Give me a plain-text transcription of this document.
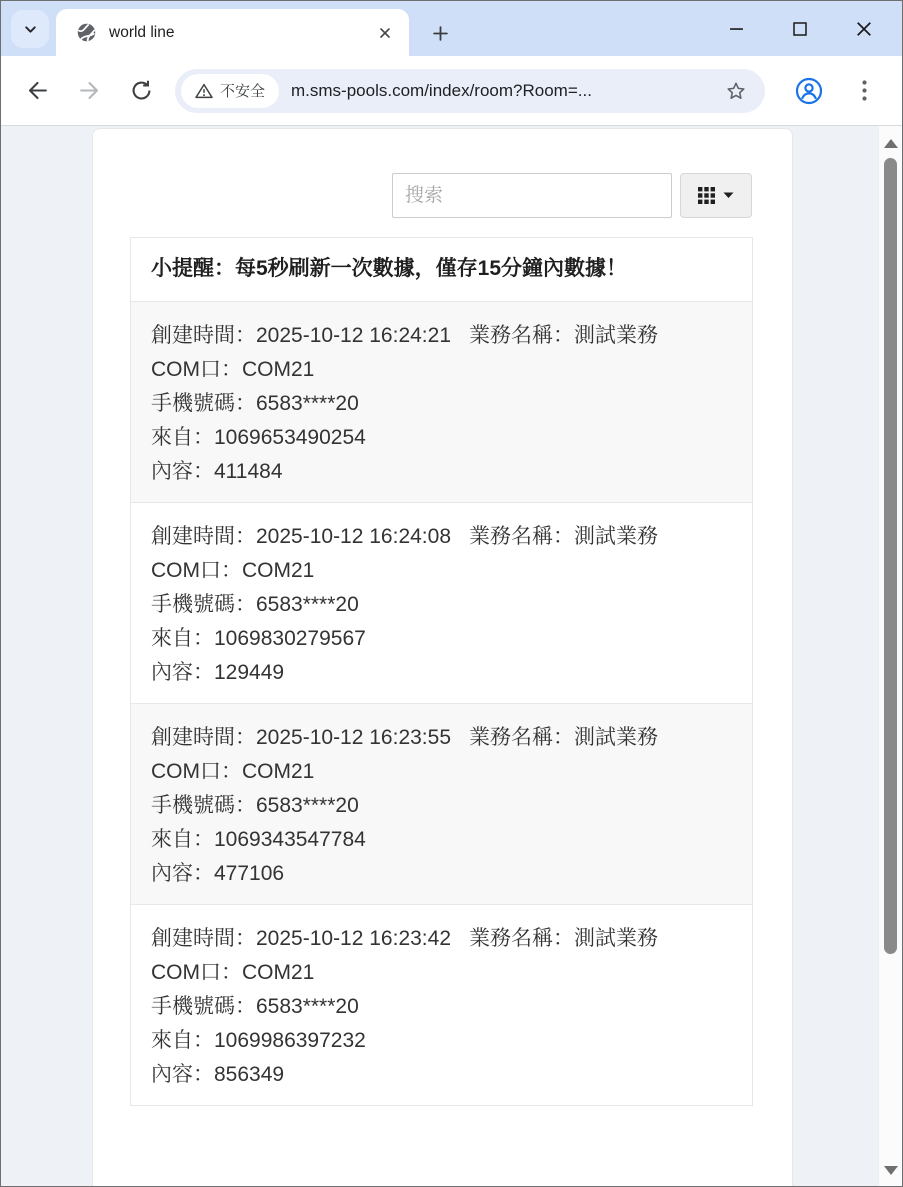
world line
不安全 m.sms-pools.com/index/room?Room=...
搜索
小提醒：每5秒刷新一次數據，僅存15分鐘內數據！
創建時間：2025-10-12 16:24:21 業務名稱：測試業務
COM口：COM21
手機號碼：6583****20
來自：1069653490254
內容：411484
創建時間：2025-10-12 16:24:08 業務名稱：測試業務
COM口：COM21
手機號碼：6583****20
來自：1069830279567
內容：129449
創建時間：2025-10-12 16:23:55 業務名稱：測試業務
COM口：COM21
手機號碼：6583****20
來自：1069343547784
內容：477106
創建時間：2025-10-12 16:23:42 業務名稱：測試業務
COM口：COM21
手機號碼：6583****20
來自：1069986397232
內容：856349
